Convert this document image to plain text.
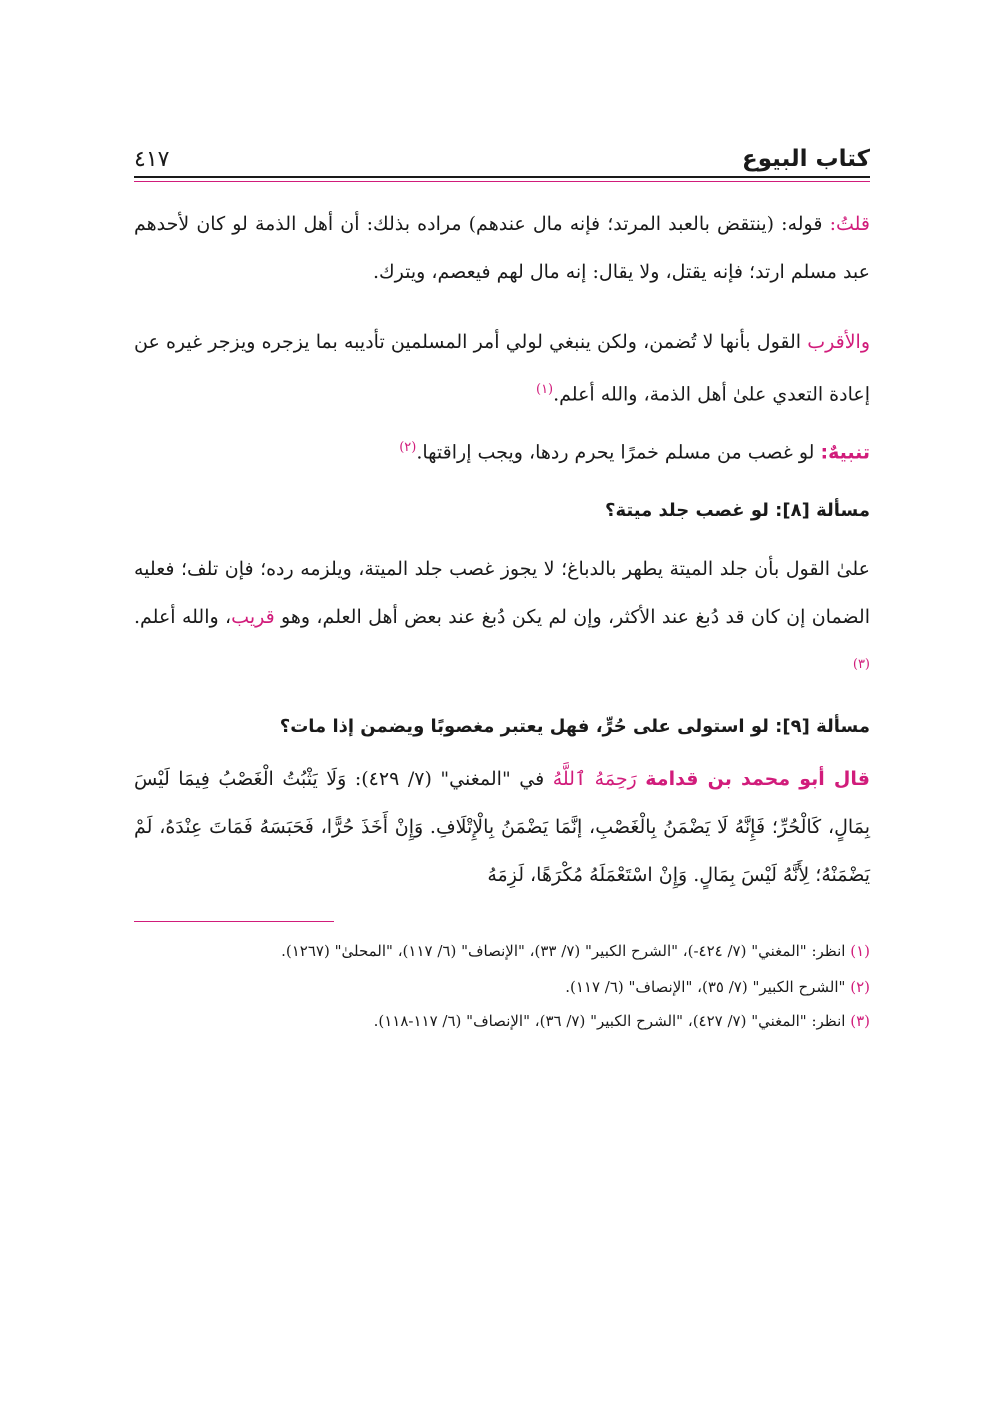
كتاب البيوع
٤١٧

قلتُ: قوله: (ينتقض بالعبد المرتد؛ فإنه مال عندهم) مراده بذلك: أن أهل الذمة لو كان لأحدهم عبد مسلم ارتد؛ فإنه يقتل، ولا يقال: إنه مال لهم فيعصم، ويترك.

والأقرب القول بأنها لا تُضمن، ولكن ينبغي لولي أمر المسلمين تأديبه بما يزجره ويزجر غيره عن إعادة التعدي علىٰ أهل الذمة، والله أعلم.$^{(١)}$

تنبيهٌ: لو غصب من مسلم خمرًا يحرم ردها، ويجب إراقتها.$^{(٢)}$

مسألة [٨]: لو غصب جلد ميتة؟

علىٰ القول بأن جلد الميتة يطهر بالدباغ؛ لا يجوز غصب جلد الميتة، ويلزمه رده؛ فإن تلف؛ فعليه الضمان إن كان قد دُبغ عند الأكثر، وإن لم يكن دُبغ عند بعض أهل العلم، وهو قريب، والله أعلم.$^{(٣)}$

مسألة [٩]: لو استولى على حُرٍّ، فهل يعتبر مغصوبًا ويضمن إذا مات؟

قال أبو محمد بن قدامة رَحِمَهُ ٱللَّهُ في "المغني" (٧/ ٤٢٩): وَلَا يَثْبُتُ الْغَصْبُ فِيمَا لَيْسَ بِمَالٍ، كَالْحُرِّ؛ فَإِنَّهُ لَا يَضْمَنُ بِالْغَصْبِ، إنَّمَا يَضْمَنُ بِالْإِتْلَافِ. وَإِنْ أَخَذَ حُرًّا، فَحَبَسَهُ فَمَاتَ عِنْدَهُ، لَمْ يَضْمَنْهُ؛ لِأَنَّهُ لَيْسَ بِمَالٍ. وَإِنْ اسْتَعْمَلَهُ مُكْرَهًا، لَزِمَهُ

(١) انظر: "المغني" (٧/ ٤٢٤-)، "الشرح الكبير" (٧/ ٣٣)، "الإنصاف" (٦/ ١١٧)، "المحلىٰ" (١٢٦٧).

(٢) "الشرح الكبير" (٧/ ٣٥)، "الإنصاف" (٦/ ١١٧).

(٣) انظر: "المغني" (٧/ ٤٢٧)، "الشرح الكبير" (٧/ ٣٦)، "الإنصاف" (٦/ ١١٧-١١٨).
